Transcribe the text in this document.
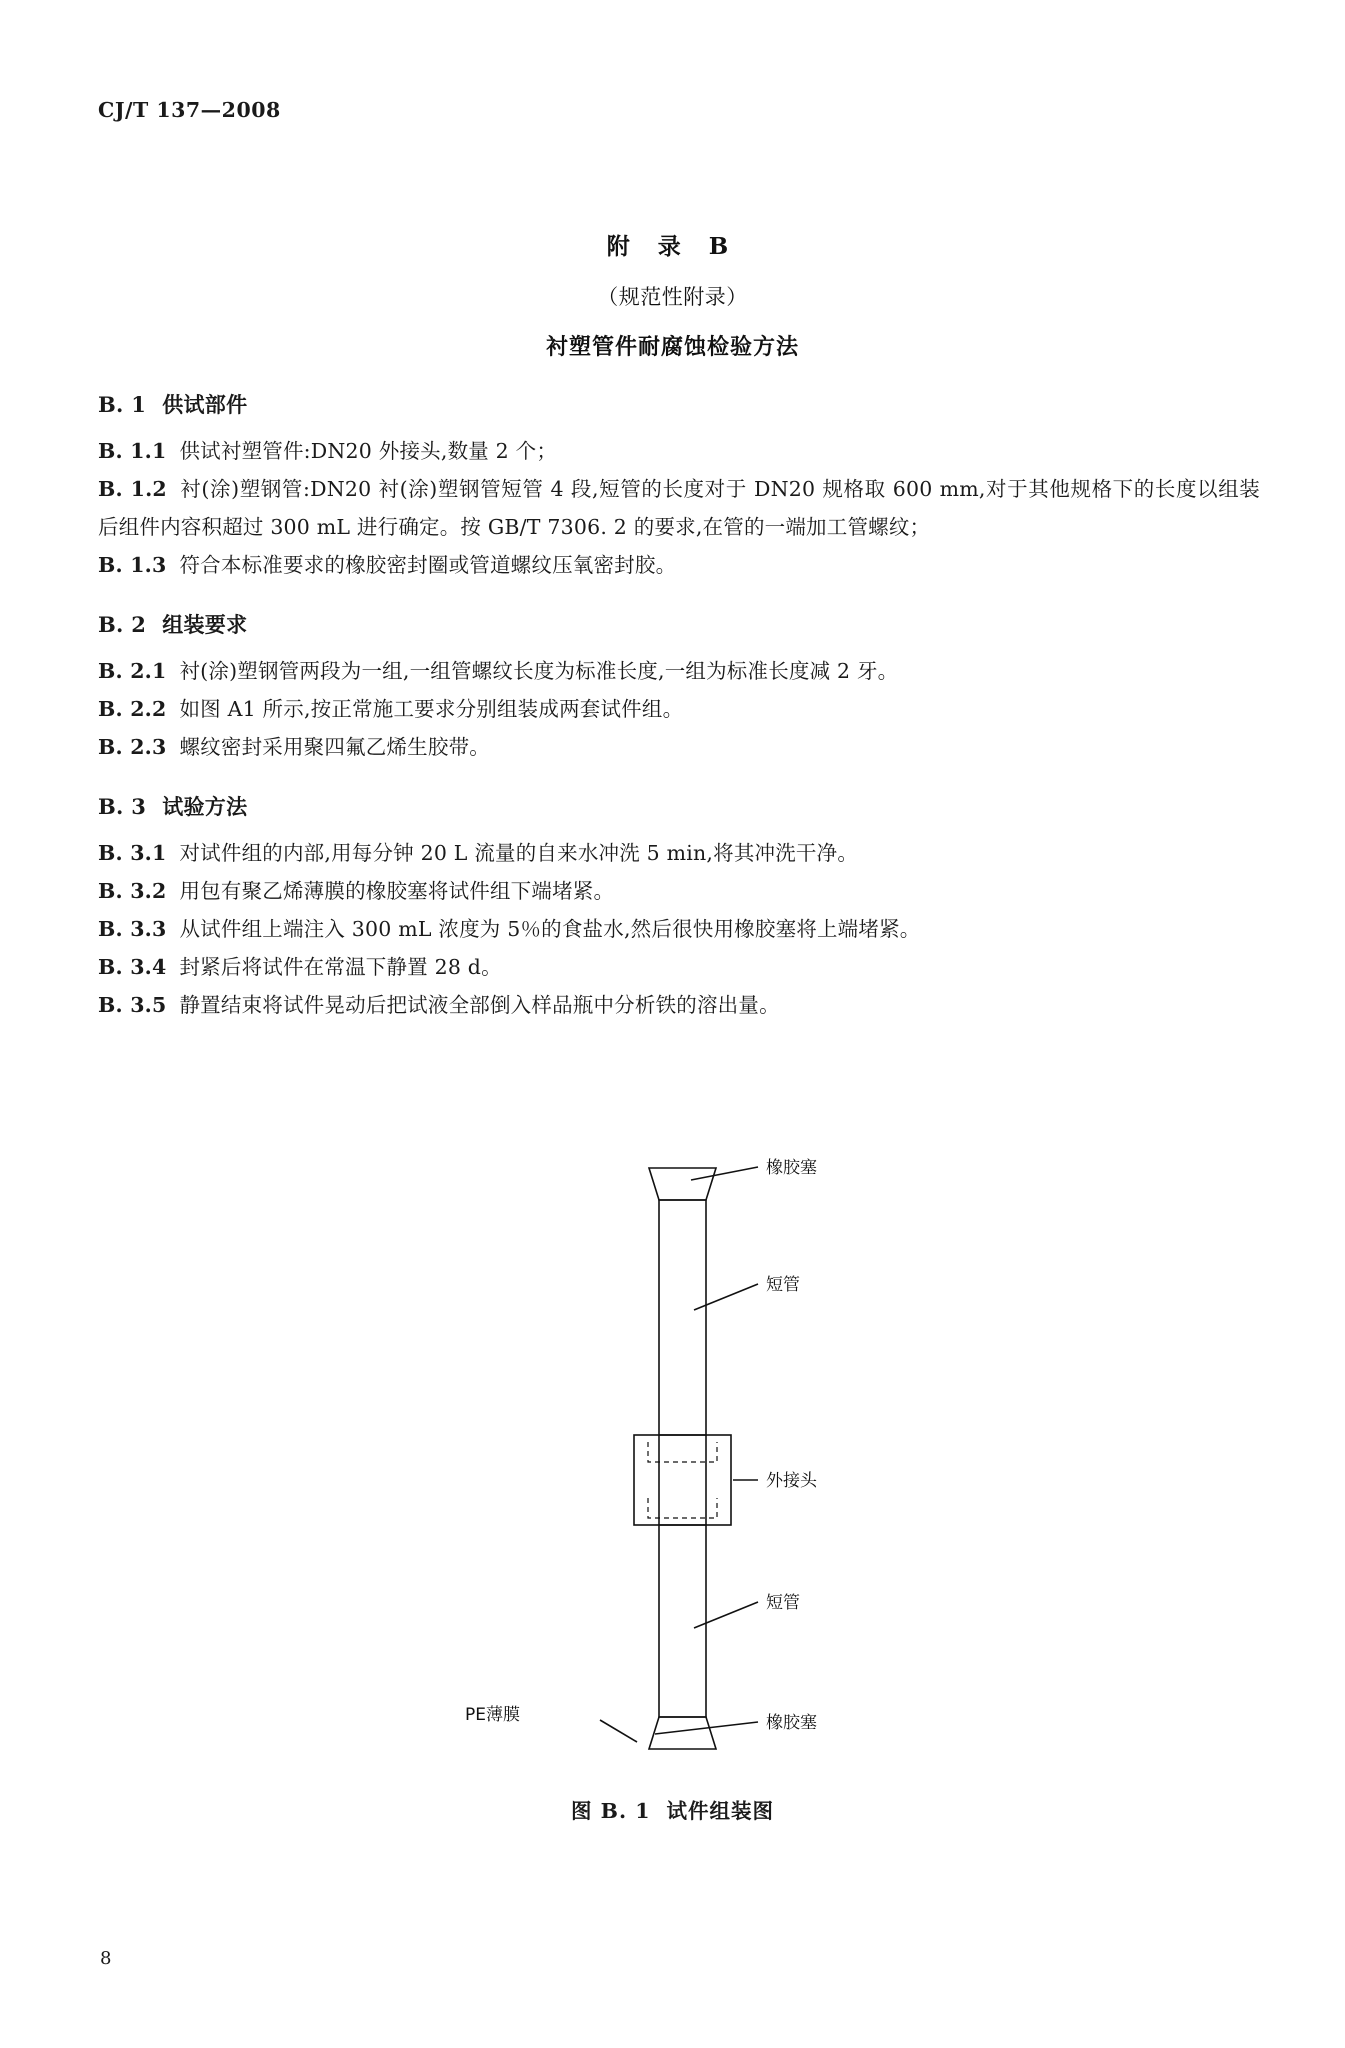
CJ/T 137—2008
附 录 B
（规范性附录）
衬塑管件耐腐蚀检验方法
B. 1 供试部件

B. 1.1 供试衬塑管件:DN20 外接头,数量 2 个；

B. 1.2 衬(涂)塑钢管:DN20 衬(涂)塑钢管短管 4 段,短管的长度对于 DN20 规格取 600 mm,对于其他规格下的长度以组装后组件内容积超过 300 mL 进行确定。按 GB/T 7306. 2 的要求,在管的一端加工管螺纹；

B. 1.3 符合本标准要求的橡胶密封圈或管道螺纹压氧密封胶。

B. 2 组装要求

B. 2.1 衬(涂)塑钢管两段为一组,一组管螺纹长度为标准长度,一组为标准长度减 2 牙。

B. 2.2 如图 A1 所示,按正常施工要求分别组装成两套试件组。

B. 2.3 螺纹密封采用聚四氟乙烯生胶带。

B. 3 试验方法

B. 3.1 对试件组的内部,用每分钟 20 L 流量的自来水冲洗 5 min,将其冲洗干净。

B. 3.2 用包有聚乙烯薄膜的橡胶塞将试件组下端堵紧。

B. 3.3 从试件组上端注入 300 mL 浓度为 5％的食盐水,然后很快用橡胶塞将上端堵紧。

B. 3.4 封紧后将试件在常温下静置 28 d。

B. 3.5 静置结束将试件晃动后把试液全部倒入样品瓶中分析铁的溶出量。

橡胶塞
短管
外接头
短管
橡胶塞
PE薄膜
图 B. 1 试件组装图
8
